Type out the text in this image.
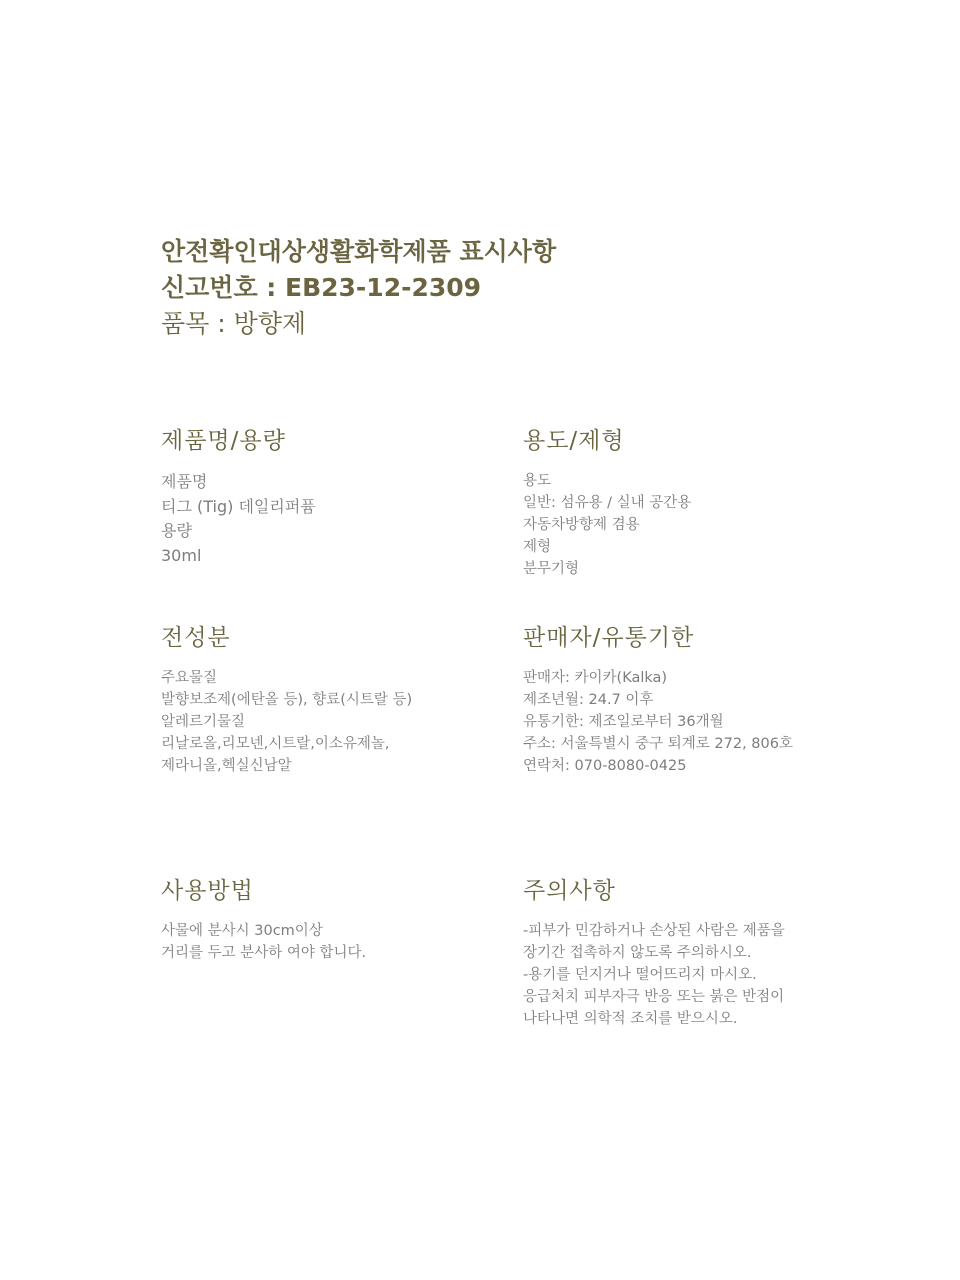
안전확인대상생활화학제품 표시사항
신고번호 : EB23-12-2309
품목 : 방향제
제품명/용량
제품명
티그 (Tig) 데일리퍼퓸
용량
30ml
용도/제형
용도
일반: 섬유용 / 실내 공간용
자동차방향제 겸용
제형
분무기형
전성분
주요물질
발향보조제(에탄올 등), 향료(시트랄 등)
알레르기물질
리날로올,리모넨,시트랄,이소유제놀,
제라니올,헥실신남알
판매자/유통기한
판매자: 카이카(Kalka)
제조년월: 24.7 이후
유통기한: 제조일로부터 36개월
주소: 서울특별시 중구 퇴계로 272, 806호
연락처: 070-8080-0425
사용방법
사물에 분사시 30cm이상
거리를 두고 분사하 여야 합니다.
주의사항
-피부가 민감하거나 손상된 사람은 제품을
장기간 접촉하지 않도록 주의하시오.
-용기를 던지거나 떨어뜨리지 마시오.
응급처치 피부자극 반응 또는 붉은 반점이
나타나면 의학적 조치를 받으시오.
